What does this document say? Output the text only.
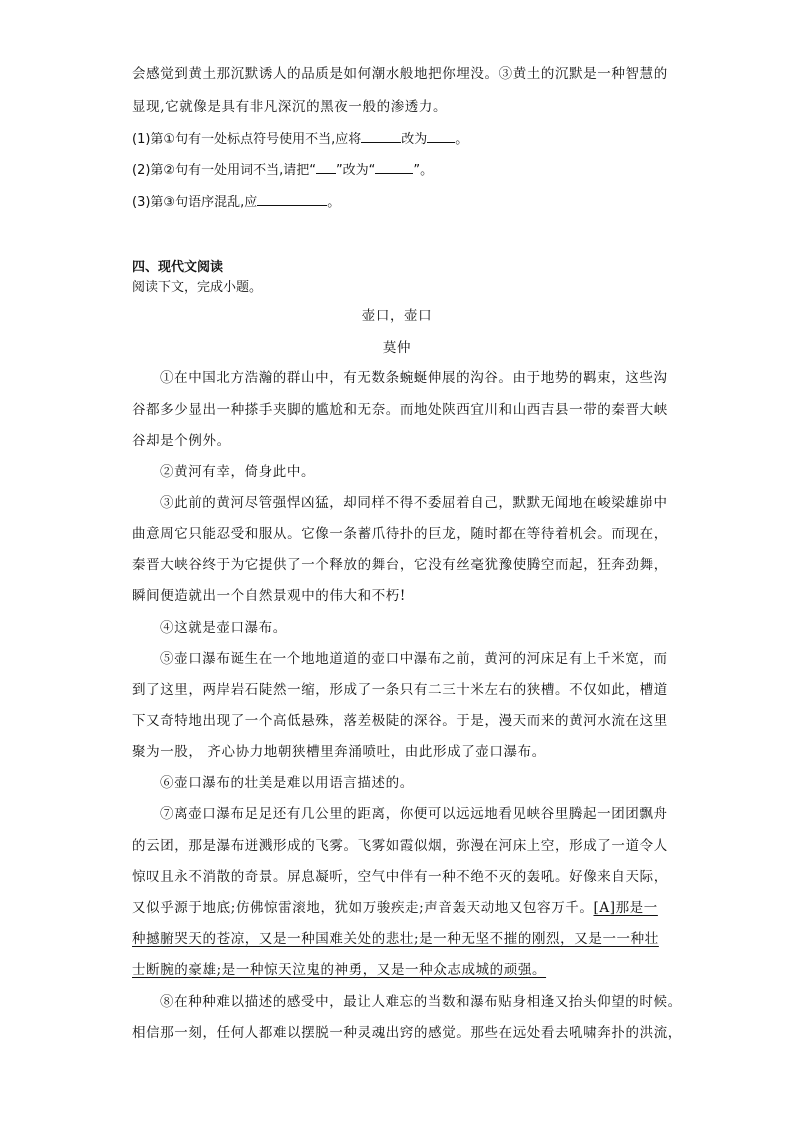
会感觉到黄土那沉默诱人的品质是如何潮水般地把你埋没。③黄土的沉默是一种智慧的
显现,它就像是具有非凡深沉的黑夜一般的渗透力。
(1)第①句有一处标点符号使用不当,应将	改为 。
(2)第②句有一处用词不当,请把“ ”改为“	”。
(3)第③句语序混乱,应	。
四、现代文阅读
阅读下文，完成小题。
壶口，壶口
莫仲
①在中国北方浩瀚的群山中，有无数条蜿蜒伸展的沟谷。由于地势的羁束，这些沟
谷都多少显出一种搽手夹脚的尴尬和无奈。而地处陕西宜川和山西吉县一带的秦晋大峡
谷却是个例外。
②黄河有幸，倚身此中。
③此前的黄河尽管强悍凶猛，却同样不得不委屈着自己，默默无闻地在峻梁雄峁中
曲意周它只能忍受和服从。它像一条蓄爪待扑的巨龙，随时都在等待着机会。而现在，
秦晋大峡谷终于为它提供了一个释放的舞台，它没有丝毫犹豫使腾空而起，狂奔劲舞，
瞬间便造就出一个自然景观中的伟大和不朽!
④这就是壶口瀑布。
⑤壶口瀑布诞生在一个地地道道的壶口中瀑布之前，黄河的河床足有上千米宽，而
到了这里，两岸岩石陡然一缩，形成了一条只有二三十米左右的狭槽。不仅如此，槽道
下又奇特地出现了一个高低悬殊，落差极陡的深谷。于是，漫天而来的黄河水流在这里
聚为一股， 齐心协力地朝狭槽里奔涌喷吐，由此形成了壶口瀑布。
⑥壶口瀑布的壮美是难以用语言描述的。
⑦离壶口瀑布足足还有几公里的距离，你便可以远远地看见峡谷里腾起一团团飘舟
的云团，那是瀑布迸溅形成的飞雾。飞雾如霞似烟，弥漫在河床上空，形成了一道令人
惊叹且永不消散的奇景。屏息凝听，空气中伴有一种不绝不灭的轰吼。好像来自天际，
又似乎源于地底;仿佛惊雷滚地，犹如万骏疾走;声音轰天动地又包容万千。[A]那是一
种撼腑哭天的苍凉，又是一种国难关处的悲壮;是一种无坚不摧的刚烈，又是一一种壮
士断腕的豪雄;是一种惊天泣鬼的神勇，又是一种众志成城的顽强。
⑧在种种难以描述的感受中，最让人难忘的当数和瀑布贴身相逢又抬头仰望的时候。
相信那一刻，任何人都难以摆脱一种灵魂出窍的感觉。那些在远处看去吼啸奔扑的洪流，
